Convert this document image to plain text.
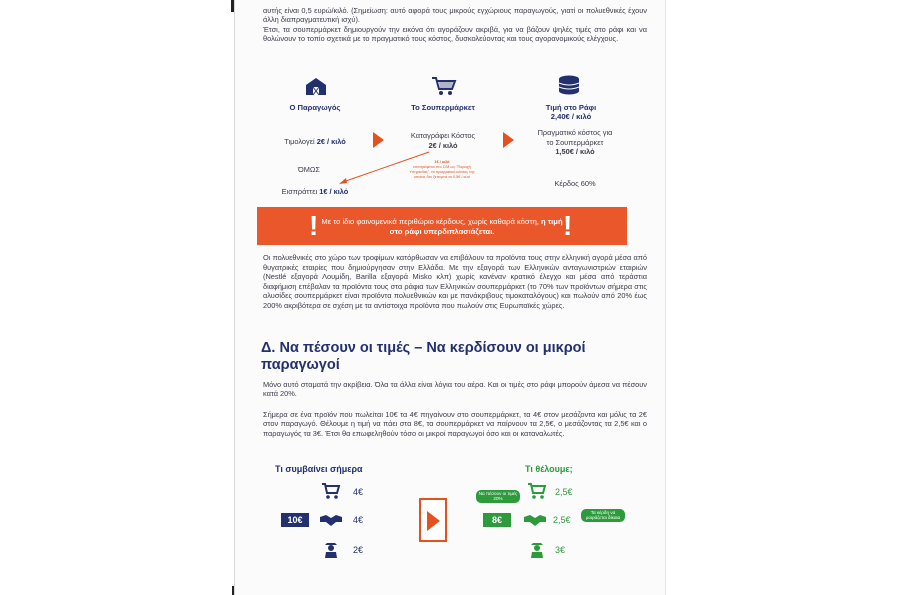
αυτής είναι 0,5 ευρώ/κιλό. (Σημείωση: αυτό αφορά τους μικρούς εγχώριους παραγωγούς, γιατί οι πολυεθνικές έχουν άλλη διαπραγματευτική ισχύ).
Έτσι, τα σουπερμάρκετ δημιουργούν την εικόνα ότι αγοράζουν ακριβά, για να βάζουν ψηλές τιμές στο ράφι και να θολώνουν το τοπίο σχετικά με το πραγματικό τους κόστος, δυσκολεύοντας και τους αγορανομικούς ελέγχους.
Ο Παραγωγός	Το Σουπερμάρκετ	Τιμή στο Ράφι
2,40€ / κιλό
Τιμολογεί 2€ / κιλό
Καταγράφει Κόστος
2€ / κιλό
Πραγματικό κόστος για το Σουπερμάρκετ
1,50€ / κιλό
ΌΜΩΣ
1€ / κιλό
επιστρέφεται στο Σ/Μ ως "Παροχή Υπηρεσίας", το πραγματικό κόστος της οποίας δεν ξεπερνά τα 0,5€ / κιλό
Εισπράττει 1€ / κιλό
Κέρδος 60%
! Με το ίδιο φαινομενικά περιθώριο κέρδους, χωρίς καθαρά κόστη, η τιμή στο ράφι υπερδιπλασιάζεται.	!
Οι πολυεθνικές στο χώρο των τροφίμων κατόρθωσαν να επιβάλουν τα προϊόντα τους στην ελληνική αγορά μέσα από θυγατρικές εταιρίες που δημιούργησαν στην Ελλάδα. Με την εξαγορά των Ελληνικών ανταγωνιστριών εταιριών (Nestlé εξαγορά Λουμίδη, Barilla εξαγορά Misko κλπ) χωρίς κανέναν κρατικό έλεγχο και μέσα από τεράστια διαφήμιση επέβαλαν τα προϊόντα τους στα ράφια των Ελληνικών σουπερμάρκετ (το 70% των προϊόντων σήμερα στις αλυσίδες σουπερμάρκετ είναι προϊόντα πολυεθνικών και με πανάκριβους τιμοκαταλόγους) και πωλούν από 20% έως 200% ακριβότερα σε σχέση με τα αντίστοιχα προϊόντα που πωλούν στις Ευρωπαϊκές χώρες.
Δ. Να πέσουν οι τιμές – Να κερδίσουν οι μικροί παραγωγοί
Μόνο αυτό σταματά την ακρίβεια. Όλα τα άλλα είναι λόγια του αέρα. Και οι τιμές στο ράφι μπορούν άμεσα να πέσουν κατά 20%.
Σήμερα σε ένα προϊόν που πωλείται 10€ τα 4€ πηγαίνουν στο σουπερμάρκετ, τα 4€ στον μεσάζοντα και μόλις τα 2€ στον παραγωγό. Θέλουμε η τιμή να πάει στα 8€, τα σουπερμάρκετ να παίρνουν τα 2,5€, ο μεσάζοντας τα 2,5€ και ο παραγωγός τα 3€. Έτσι θα επωφεληθούν τόσο οι μικροί παραγωγοί όσο και οι καταναλωτές.
Τι συμβαίνει σήμερα
4€
10€	4€
2€
Τι θέλουμε;
Να πέσουν οι τιμές 20%
2,5€
8€	2,5€
Τα κέρδη να μοιράζεται δίκαια
3€
